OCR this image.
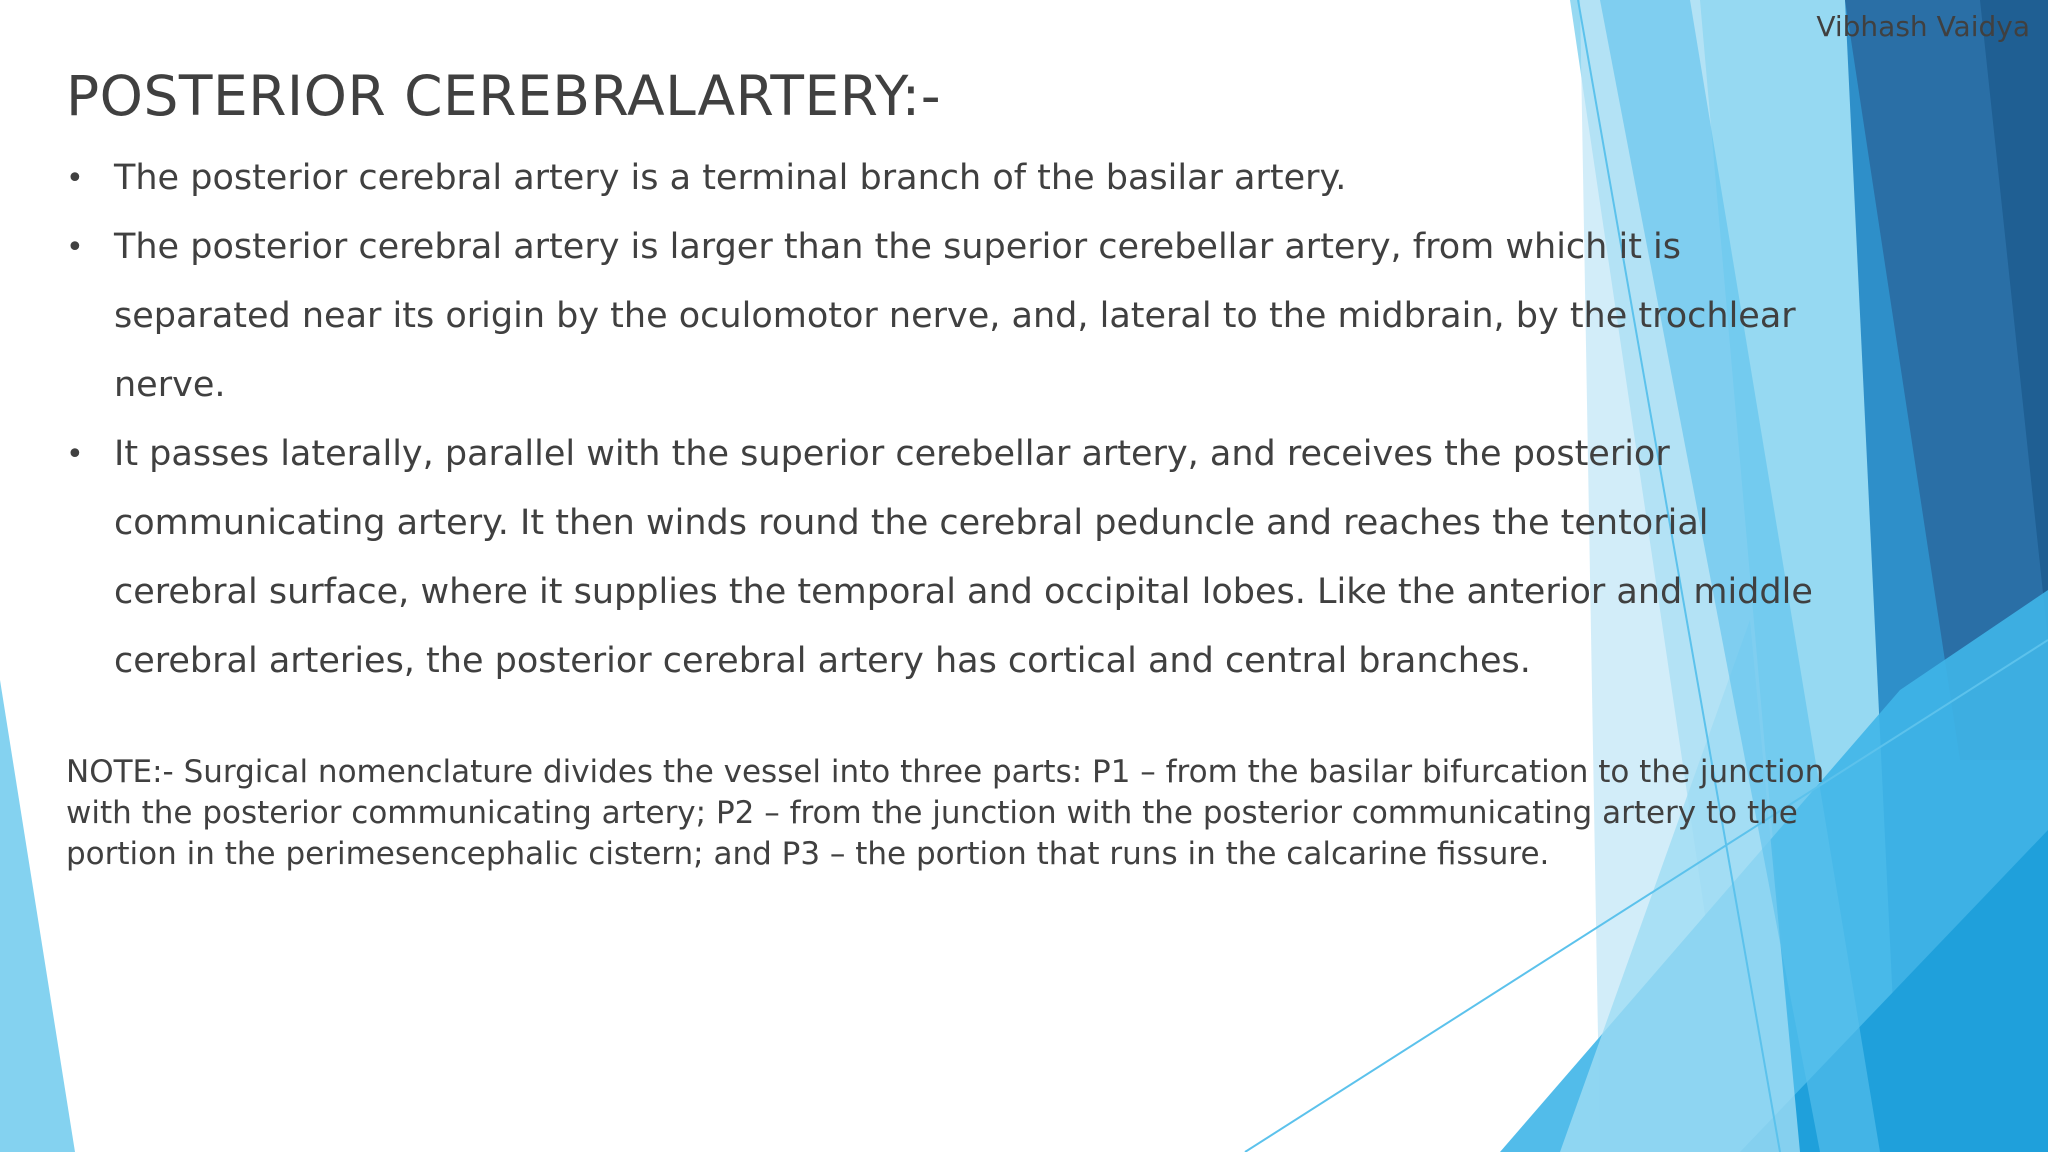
Vibhash Vaidya
POSTERIOR CEREBRALARTERY:-
• The posterior cerebral artery is a terminal branch of the basilar artery.
• The posterior cerebral artery is larger than the superior cerebellar artery, from which it is separated near its origin by the oculomotor nerve, and, lateral to the midbrain, by the trochlear nerve.
• It passes laterally, parallel with the superior cerebellar artery, and receives the posterior communicating artery. It then winds round the cerebral peduncle and reaches the tentorial cerebral surface, where it supplies the temporal and occipital lobes. Like the anterior and middle cerebral arteries, the posterior cerebral artery has cortical and central branches.
NOTE:- Surgical nomenclature divides the vessel into three parts: P1 – from the basilar bifurcation to the junction with the posterior communicating artery; P2 – from the junction with the posterior communicating artery to the portion in the perimesencephalic cistern; and P3 – the portion that runs in the calcarine fissure.
